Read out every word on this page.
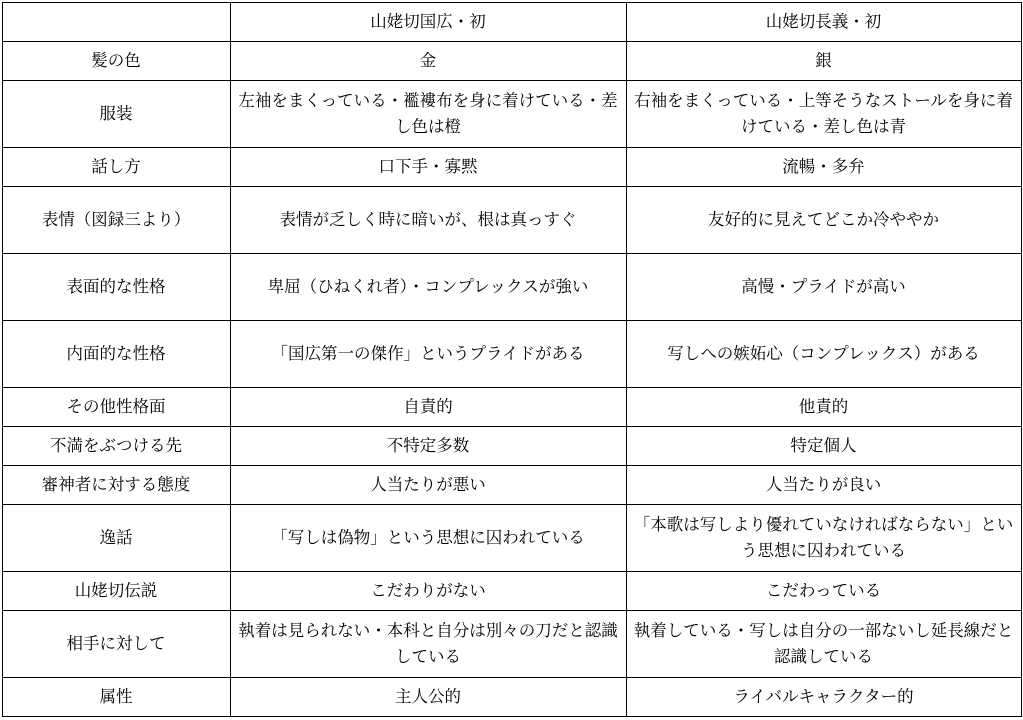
	山姥切国広・初	山姥切長義・初
髪の色	金	銀
服装	左袖をまくっている・襤褸布を身に着けている・差し色は橙	右袖をまくっている・上等そうなストールを身に着けている・差し色は青
話し方	口下手・寡黙	流暢・多弁
表情（図録三より）	表情が乏しく時に暗いが、根は真っすぐ	友好的に見えてどこか冷ややか
表面的な性格	卑屈（ひねくれ者）・コンプレックスが強い	高慢・プライドが高い
内面的な性格	「国広第一の傑作」というプライドがある	写しへの嫉妬心（コンプレックス）がある
その他性格面	自責的	他責的
不満をぶつける先	不特定多数	特定個人
審神者に対する態度	人当たりが悪い	人当たりが良い
逸話	「写しは偽物」という思想に囚われている	「本歌は写しより優れていなければならない」という思想に囚われている
山姥切伝説	こだわりがない	こだわっている
相手に対して	執着は見られない・本科と自分は別々の刀だと認識している	執着している・写しは自分の一部ないし延長線だと認識している
属性	主人公的	ライバルキャラクター的
